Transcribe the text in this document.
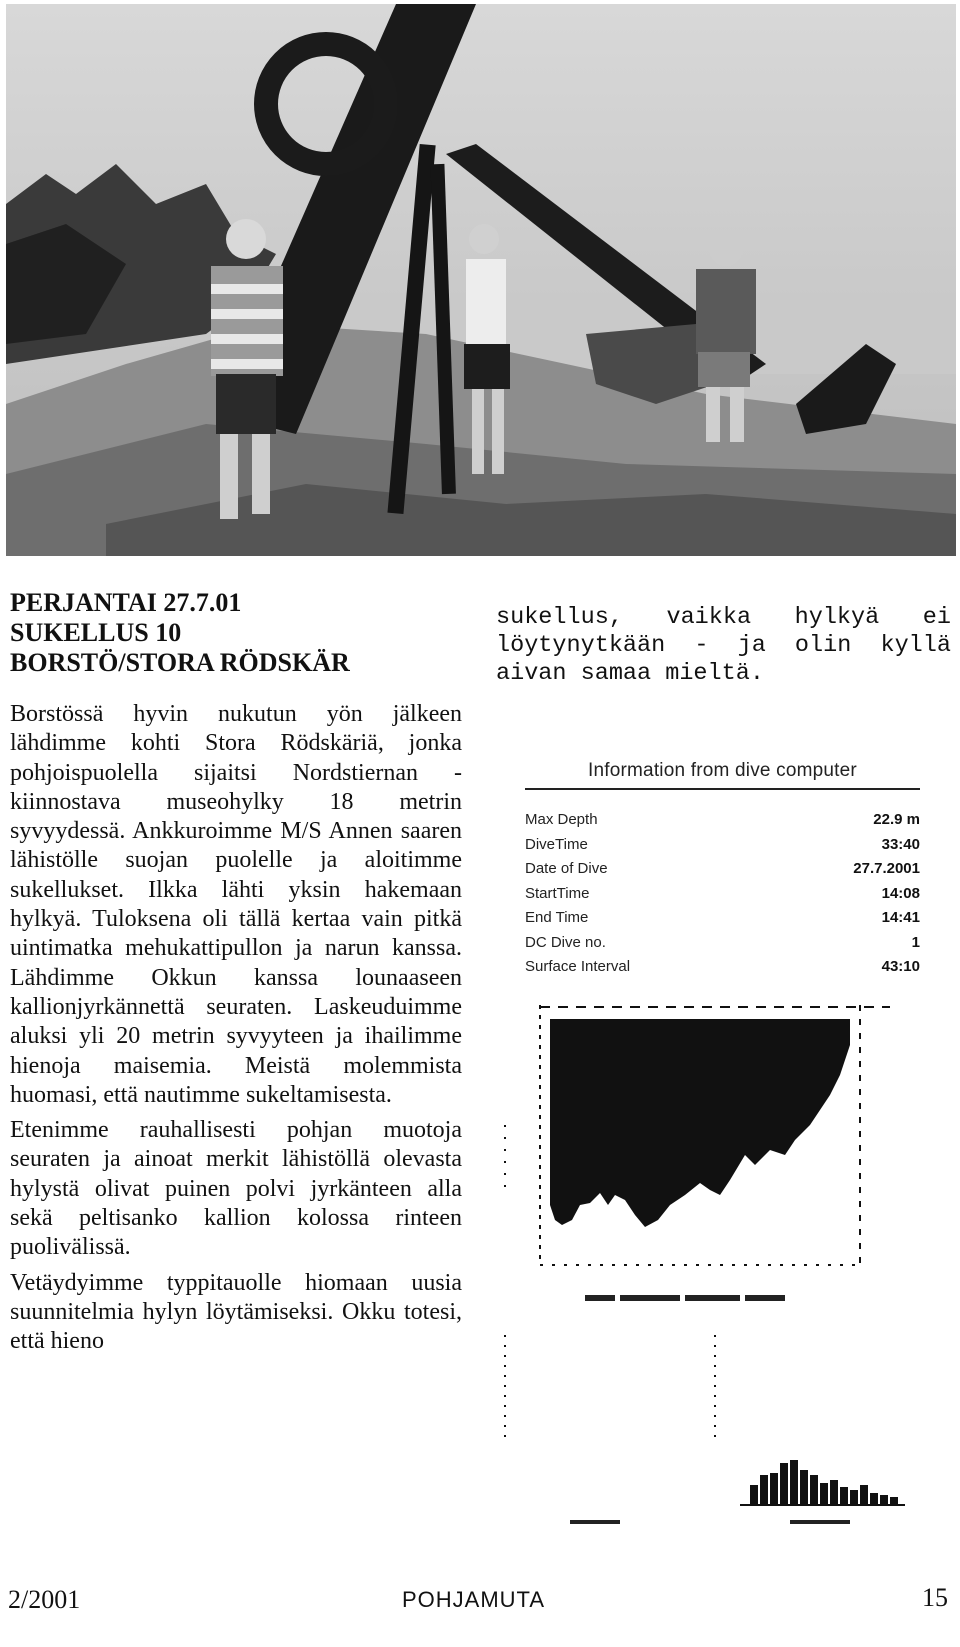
PERJANTAI 27.7.01
SUKELLUS 10
BORSTÖ/STORA RÖDSKÄR

Borstössä hyvin nukutun yön jälkeen lähdimme kohti Stora Rödskäriä, jonka pohjoispuolella sijaitsi Nordstiernan - kiinnostava museohylky 18 metrin syvyydessä. Ankkuroimme M/S Annen saaren lähistölle suojan puolelle ja aloitimme sukellukset. Ilkka lähti yksin hakemaan hylkyä. Tuloksena oli tällä kertaa vain pitkä uintimatka mehukattipullon ja narun kanssa. Lähdimme Okkun kanssa lounaaseen kallionjyrkännettä seuraten. Laskeuduimme aluksi yli 20 metrin syvyyteen ja ihailimme hienoja maisemia. Meistä molemmista huomasi, että nautimme sukeltamisesta.

Etenimme rauhallisesti pohjan muotoja seuraten ja ainoat merkit lähistöllä olevasta hylystä olivat puinen polvi jyrkänteen alla sekä peltisanko kallion kolossa rinteen puolivälissä.

Vetäydyimme typpitauolle hiomaan uusia suunnitelmia hylyn löytämiseksi. Okku totesi, että hieno

sukellus, vaikka hylkyä ei löytynytkään - ja olin kyllä aivan samaa mieltä.
Information from dive computer
Max Depth	22.9 m
DiveTime	33:40
Date of Dive	27.7.2001
StartTime	14:08
End Time	14:41
DC Dive no.	1
Surface Interval	43:10
2/2001	POHJAMUTA	15
